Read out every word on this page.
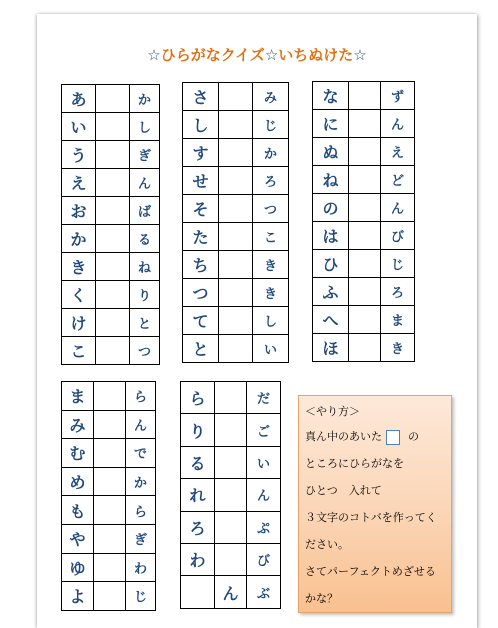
☆ひらがなクイズ☆いちぬけた☆
あ		か
い		し
う		ぎ
え		ん
お		ば
か		る
き		ね
く		り
け		と
こ		つ
さ		み
し		じ
す		か
せ		ろ
そ		つ
た		こ
ち		き
つ		き
て		し
と		い
な		ず
に		ん
ぬ		え
ね		ど
の		ん
は		び
ひ		じ
ふ		ろ
へ		ま
ほ		き
ま		ら
み		ん
む		で
め		か
も		ら
や		ぎ
ゆ		わ
よ		じ
ら		だ
り		ご
る		い
れ		ん
ろ		ぷ
わ		び
	ん	ぶ
＜やり方＞
真ん中のあいた の
ところにひらがなを
ひとつ　入れて
３文字のコトバを作ってく
ださい。
さてパーフェクトめざせる
かな？
